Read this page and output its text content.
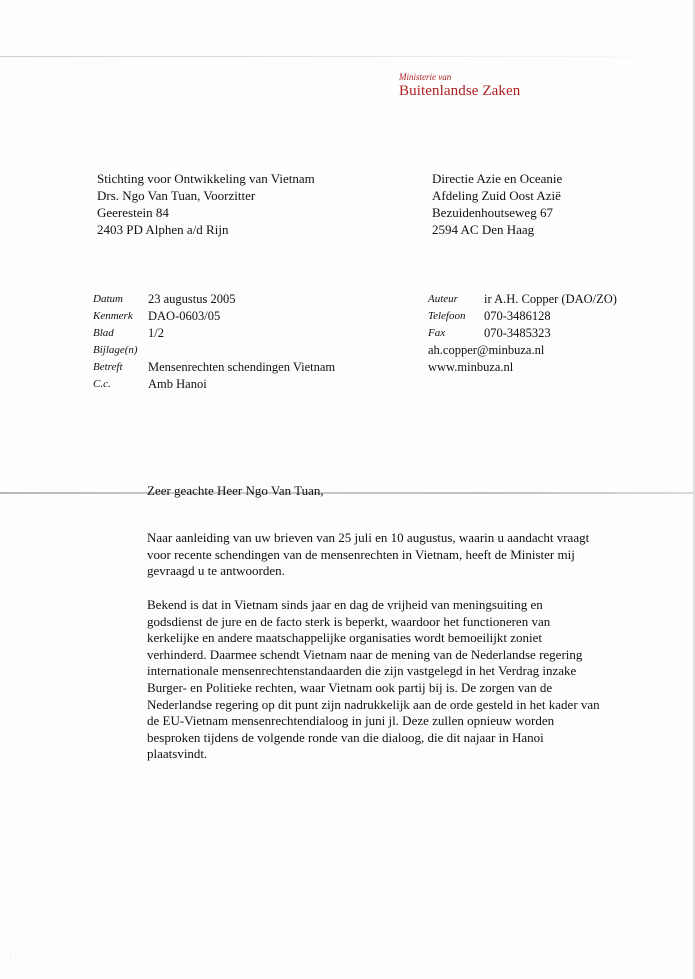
·
·
·
Ministerie van
Buitenlandse Zaken
Stichting voor Ontwikkeling van Vietnam
Drs. Ngo Van Tuan, Voorzitter
Geerestein 84
2403 PD Alphen a/d Rijn
Directie Azie en Oceanie
Afdeling Zuid Oost Azië
Bezuidenhoutseweg 67
2594 AC Den Haag
Datum	23 augustus 2005
Kenmerk	DAO-0603/05
Blad	1/2
Bijlage(n)
Betreft	Mensenrechten schendingen Vietnam
C.c.	Amb Hanoi
Auteur	ir A.H. Copper (DAO/ZO)
Telefoon	070-3486128
Fax	070-3485323
ah.copper@minbuza.nl
www.minbuza.nl
Zeer geachte Heer Ngo Van Tuan,
Naar aanleiding van uw brieven van 25 juli en 10 augustus, waarin u aandacht vraagt
voor recente schendingen van de mensenrechten in Vietnam, heeft de Minister mij
gevraagd u te antwoorden.
Bekend is dat in Vietnam sinds jaar en dag de vrijheid van meningsuiting en
godsdienst de jure en de facto sterk is beperkt, waardoor het functioneren van
kerkelijke en andere maatschappelijke organisaties wordt bemoeilijkt zoniet
verhinderd. Daarmee schendt Vietnam naar de mening van de Nederlandse regering
internationale mensenrechtenstandaarden die zijn vastgelegd in het Verdrag inzake
Burger- en Politieke rechten, waar Vietnam ook partij bij is. De zorgen van de
Nederlandse regering op dit punt zijn nadrukkelijk aan de orde gesteld in het kader van
de EU-Vietnam mensenrechtendialoog in juni jl. Deze zullen opnieuw worden
besproken tijdens de volgende ronde van die dialoog, die dit najaar in Hanoi
plaatsvindt.
